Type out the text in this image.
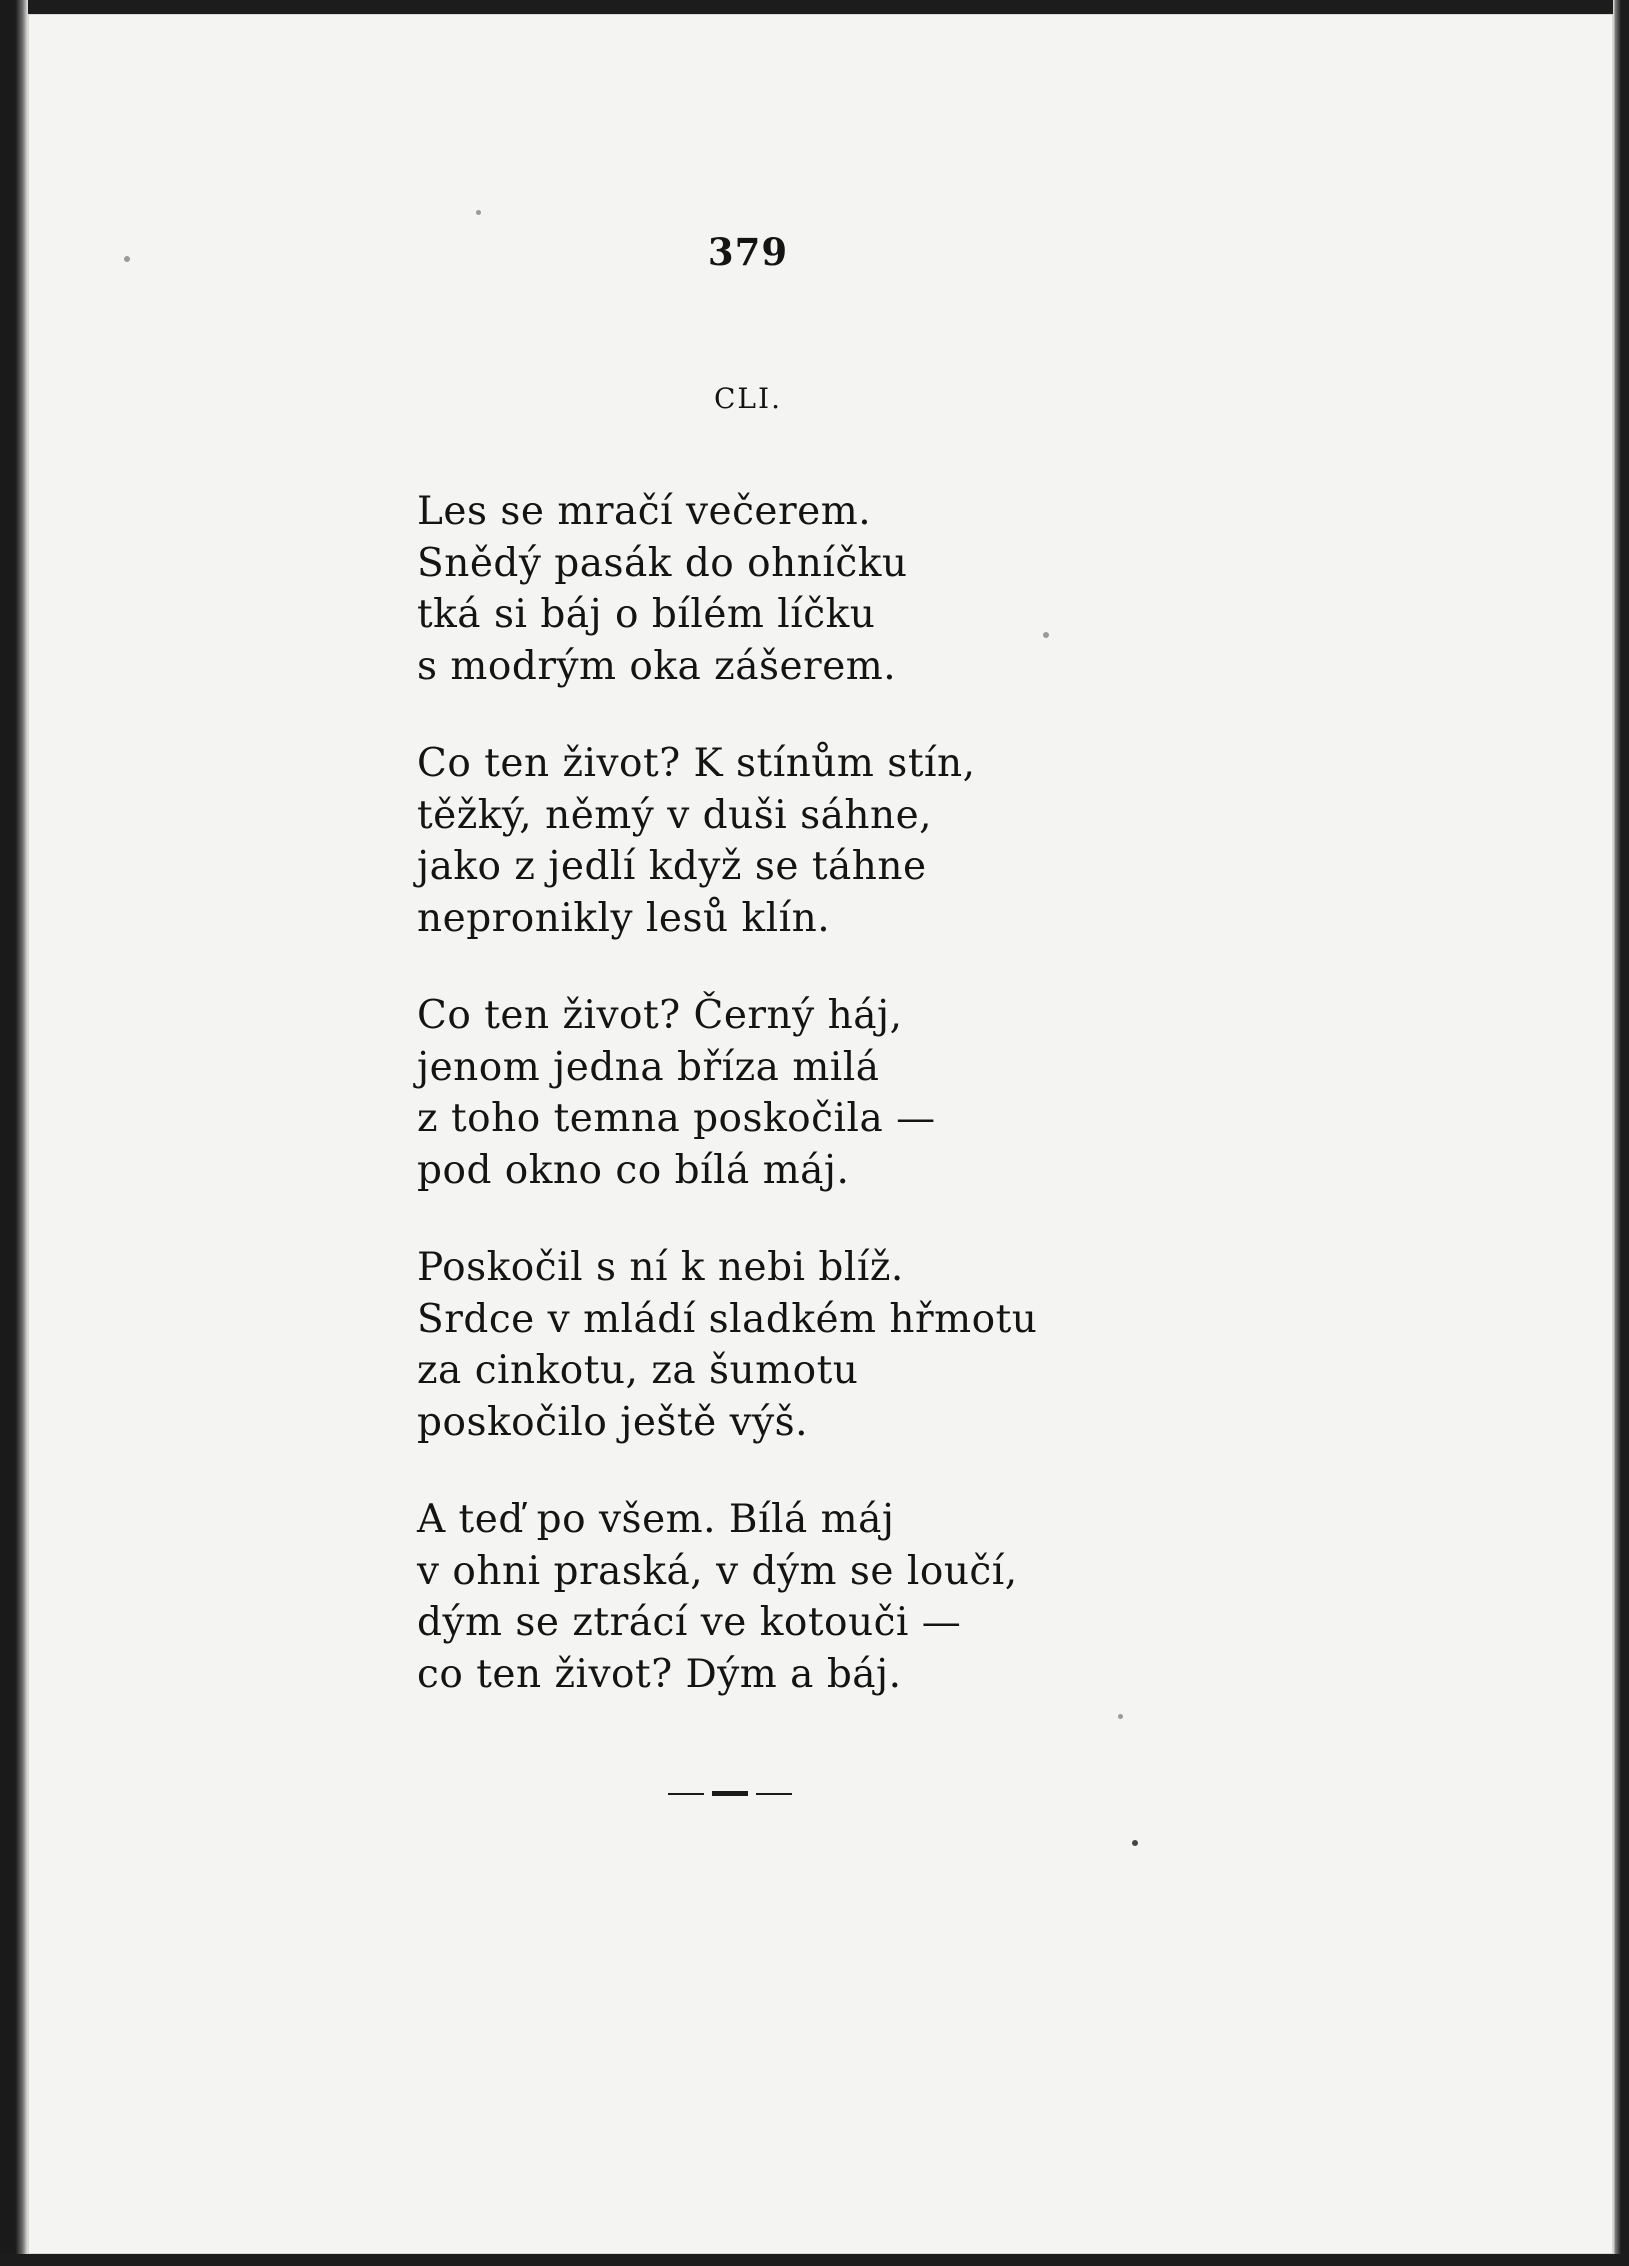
379
CLI.
Les se mračí večerem.
Snědý pasák do ohníčku
tká si báj o bílém líčku
s modrým oka zášerem.
Co ten život? K stínům stín,
těžký, němý v duši sáhne,
jako z jedlí když se táhne
nepronikly lesů klín.
Co ten život? Černý háj,
jenom jedna bříza milá
z toho temna poskočila —
pod okno co bílá máj.
Poskočil s ní k nebi blíž.
Srdce v mládí sladkém hřmotu
za cinkotu, za šumotu
poskočilo ještě výš.
A teď po všem. Bílá máj
v ohni praská, v dým se loučí,
dým se ztrácí ve kotouči —
co ten život? Dým a báj.
